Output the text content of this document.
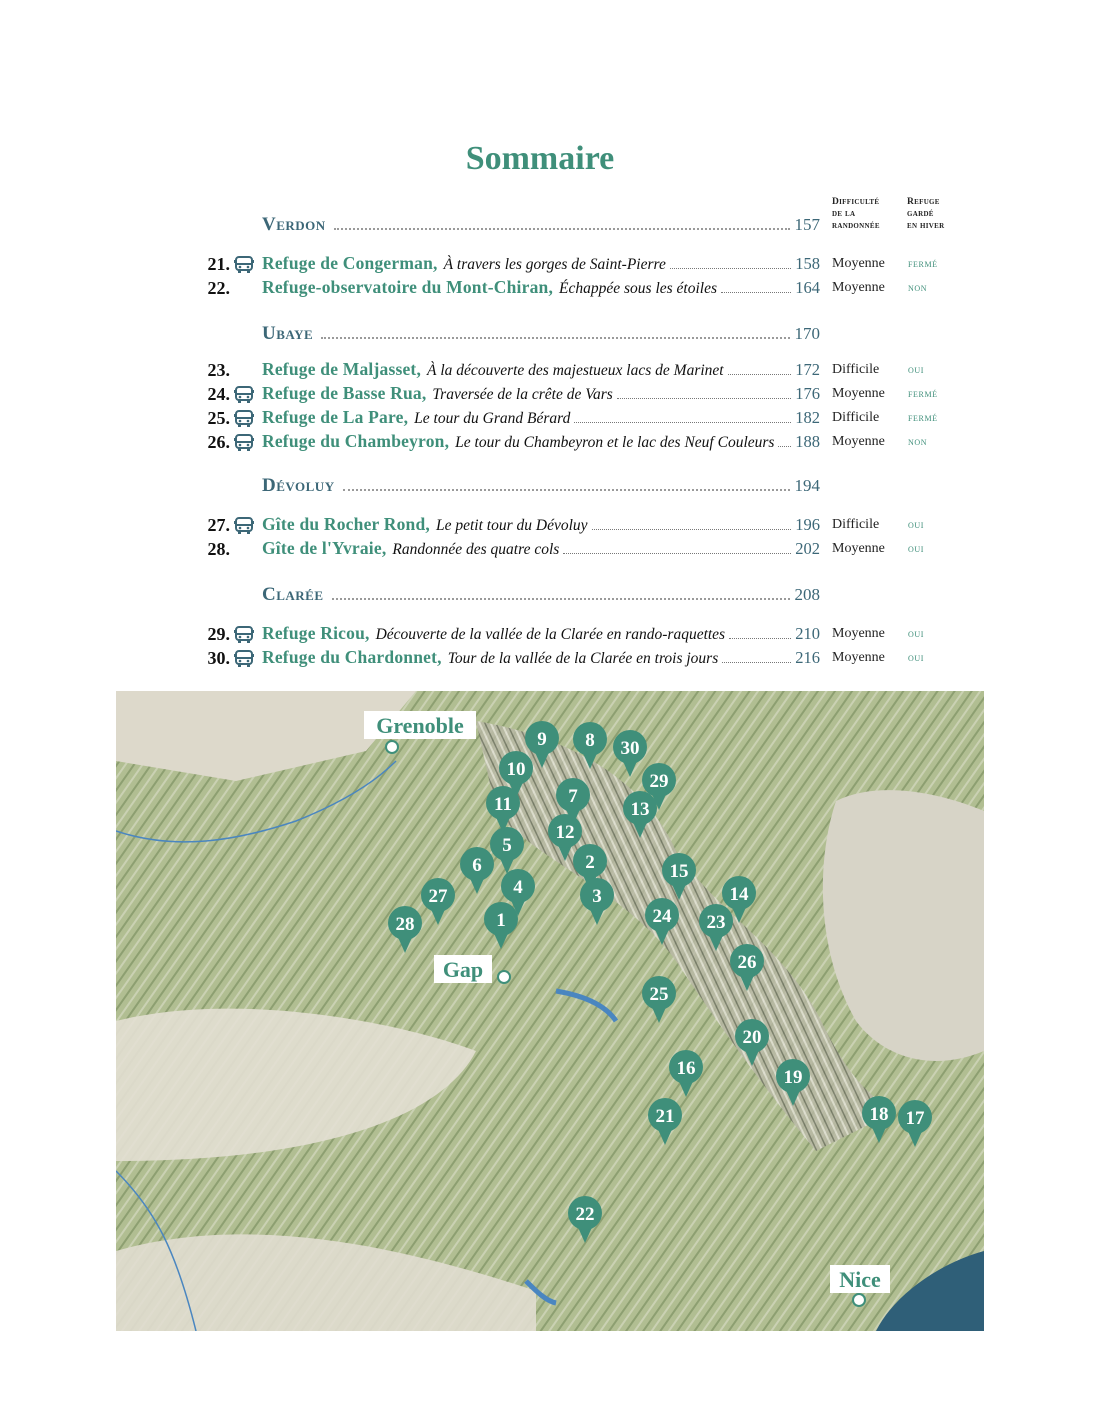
Sommaire
Difficulté
de la
randonnée
Refuge
gardé
en hiver
Verdon	157
Ubaye	170
Dévoluy	194
Clarée	208
21. Refuge de Congerman, À travers les gorges de Saint-Pierre	158 Moyenne fermé
22. Refuge-observatoire du Mont-Chiran, Échappée sous les étoiles	164 Moyenne non
23. Refuge de Maljasset, À la découverte des majestueux lacs de Marinet	172 Difficile	oui
24. Refuge de Basse Rua, Traversée de la crête de Vars	176 Moyenne fermé
25. Refuge de La Pare, Le tour du Grand Bérard	182 Difficile	fermé
26. Refuge du Chambeyron, Le tour du Chambeyron et le lac des Neuf Couleurs 188 Moyenne non
27. Gîte du Rocher Rond, Le petit tour du Dévoluy	196 Difficile	oui
28. Gîte de l'Yvraie, Randonnée des quatre cols	202 Moyenne oui
29. Refuge Ricou, Découverte de la vallée de la Clarée en rando-raquettes	210 Moyenne oui
30. Refuge du Chardonnet, Tour de la vallée de la Clarée en trois jours	216 Moyenne oui
Grenoble
Gap
Nice
1
2
3
4
5
6
7
8
9
10
11
12
13
14
15
16
17
18
19
20
21
22
23
24
25
26
27
28
29
30
